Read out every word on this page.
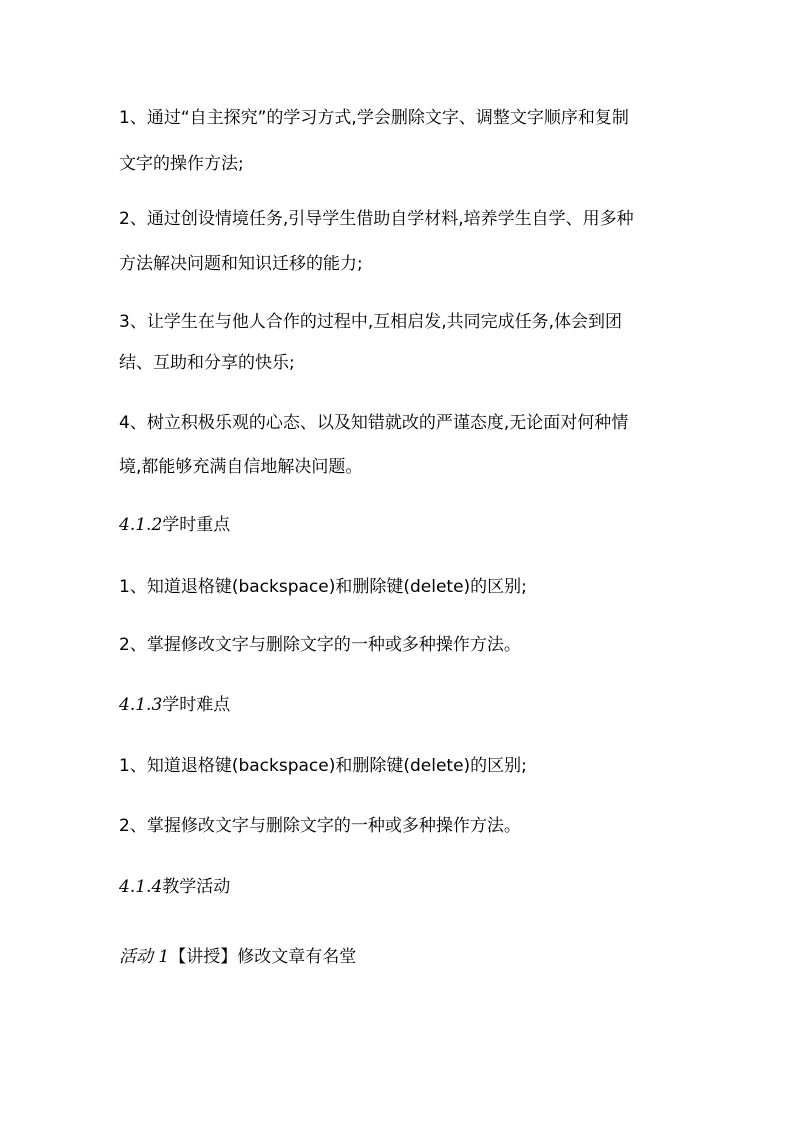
1、通过“自主探究”的学习方式,学会删除文字、调整文字顺序和复制
文字的操作方法;
2、通过创设情境任务,引导学生借助自学材料,培养学生自学、用多种
方法解决问题和知识迁移的能力;
3、让学生在与他人合作的过程中,互相启发,共同完成任务,体会到团
结、互助和分享的快乐;
4、树立积极乐观的心态、以及知错就改的严谨态度,无论面对何种情
境,都能够充满自信地解决问题。
4.1.2学时重点
1、知道退格键(backspace)和删除键(delete)的区别;
2、掌握修改文字与删除文字的一种或多种操作方法。
4.1.3学时难点
1、知道退格键(backspace)和删除键(delete)的区别;
2、掌握修改文字与删除文字的一种或多种操作方法。
4.1.4教学活动
活动 1【讲授】修改文章有名堂
